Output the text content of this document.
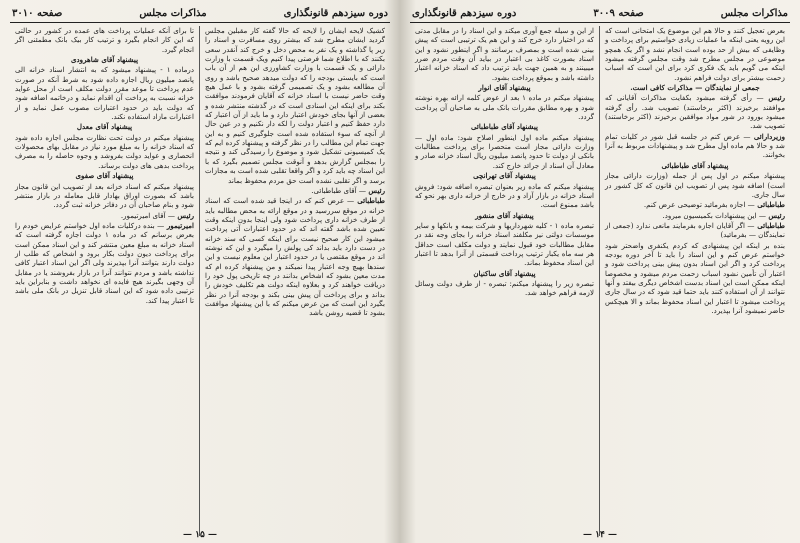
دوره سیزدهم قانونگذاری
مذاکرات مجلس
صفحه ۳۰۱۰

کشیک لایحه ایشان را لایحه که حالا گفته کار مقبلین مجلس گردید ایشان مطرح شد که بیشتر روی مسافرت و اسناد را زیر پا گذاشته و یک نفر به محض دخل و خرج کند آنقدر سعی بکنند که با اطلاع شما فرصتی پیدا کنیم ویک قسمت با وزارت دارائی و یک قسمت با وزارت کشاورزی این هم از آن باب است که بایستی بودجه را که دولت میدهد صحیح باشد و روی آن مطالعه بشود و یک تصمیمی گرفته بشود و با عمل هیچ وقت حاضر نیست با اسناد خزانه که آقایان فرمودند موافقت بکند برای اینکه این اسنادی است که در گذشته منتشر شده و بعضی از آنها بجای خودش اعتبار دارد و ما باید از آن اعتبار که دارد حفظ کنیم و اعتبار دولت را لکه دار نکنیم و در عین حال از آنچه که سوء استفاده شده است جلوگیری کنیم و به این جهت تمام این مطالب را در نظر گرفته و پیشنهاد کرده ایم که یک کمیسیونی تشکیل شود و موضوع را رسیدگی کند و نتیجه را بمجلس گزارش بدهد و آنوقت مجلس تصمیم بگیرد که با این اسناد چه باید کرد و اگر واقعا تقلبی شده است به مجازات برسد و اگر تقلبی نشده است حق مردم محفوظ بماند

رئیس — آقای طباطبائی.

طباطبائی — عرض کنم که در اینجا قید شده است که اسناد خزانه در موقع سررسید و در موقع ارائه به محض مطالبه باید از طرف خزانه داری پرداخت شود ولی اینجا بدون اینکه وقت تعیین شده باشد گفته اند که در حدود اعتبارات آتی پرداخت میشود این کار صحیح نیست برای اینکه کسی که سند خزانه در دست دارد باید بداند کی پولش را میگیرد و این که نوشته اند در موقع مقتضی یا در حدود اعتبار این معلوم نیست و این سندها بهیچ وجه اعتبار پیدا نمیکند و من پیشنهاد کرده ام که مدت معین بشود که اشخاص بدانند در چه تاریخی پول خود را دریافت خواهند کرد و بعلاوه اینکه دولت هم تکلیف خودش را بداند و برای پرداخت آن پیش بینی بکند و بودجه آنرا در نظر بگیرد این است که من عرض میکنم که با این پیشنهاد موافقت بشود تا قضیه روشن باشد

تا برای آنکه عملیات پرداخت های عمده در کشور در حالتی که این کار انجام بگیرد و ترتیب کار بیک بانک مطمئنی اگر انجام گیرد.

پیشنهاد آقای شاهرودی

درماده ۱ - پیشنهاد میشود که به انتشار اسناد خزانه الی پانصد میلیون ریال اجازه داده شود به شرط آنکه در صورت عدم پرداخت تا موعد مقرر دولت مکلف است از محل عواید خزانه نسبت به پرداخت آن اقدام نماید و درخاتمه اضافه شود که دولت باید در حدود اعتبارات مصوب عمل نماید و از اعتبارات مازاد استفاده نکند.

پیشنهاد آقای معدل

پیشنهاد میکنم در دولت تحت نظارت مجلس اجازه داده شود که اسناد خزانه را به مبلغ مورد نیاز در مقابل بهای محصولات انحصاری و عواید دولت بفروشد و وجوه حاصله را به مصرف پرداخت بدهی های دولت برساند.

پیشنهاد آقای صفوی

پیشنهاد میکنم که اسناد خزانه بعد از تصویب این قانون مجاز باشد که بصورت اوراق بهادار قابل معامله در بازار منتشر شود و بنام صاحبان آن در دفاتر خزانه ثبت گردد.

رئیس — آقای امیرتیمور.

امیرتیمور — بنده درکلیات ماده اول خواستم عرایض خودم را بعرض برسانم که در ماده ۱ دولت اجازه گرفته است که اسناد خزانه به مبلغ معین منتشر کند و این اسناد ممکن است برای پرداخت دیون دولت بکار برود و اشخاص که طلب از دولت دارند بتوانند آنرا بپذیرند ولی اگر این اسناد اعتبار کافی نداشته باشد و مردم نتوانند آنرا در بازار بفروشند یا در مقابل آن وجهی بگیرند هیچ فایده ای نخواهد داشت و بنابراین باید ترتیبی داده شود که این اسناد قابل تنزیل در بانک ملی باشد تا اعتبار پیدا کند.

— ۱۵ —
مذاکرات مجلس
صفحه ۳۰۰۹
دوره سیزدهم قانونگذاری

بعرض تعجیل کنند و حالا هم این موضوع یک امتحانی است که این رویه یعنی اینکه ما عملیات زیادی خواستیم برای پرداخت و وظایفی که بیش از حد بوده است انجام نشد و اگر یک همچو موضوعی در مجلس مطرح شد وقت مجلس گرفته میشود اینکه می گویم باید یک فکری کرد برای این است که اسباب زحمت بیشتر برای دولت فراهم نشود.

جمعی از نمایندگان — مذاکرات کافی است.

رئیس — رأی گرفته میشود بکفایت مذاکرات آقایانی که موافقند برخیزند (اکثر برخاستند) تصویب شد. رأی گرفته میشود بورود در شور مواد موافقین برخیزند (اکثر برخاستند) تصویب شد.

وزیردارائی — عرض کنم در جلسه قبل شور در کلیات تمام شد و حالا هم ماده اول مطرح شد و پیشنهادات مربوط به آنرا بخوانند.

پیشنهاد آقای طباطبائی

پیشنهاد میکنم در اول پس از جمله (وزارت دارائی مجاز است) اضافه شود پس از تصویب این قانون که کل کشور در سال جاری.

طباطبائی — اجازه بفرمائید توضیحی عرض کنم.

رئیس — این پیشنهادات بکمیسیون میرود.

طباطبائی — اگر آقایان اجازه بفرمایند مانعی ندارد (جمعی از نمایندگان — بفرمائید)

بنده بر اینکه این پیشنهادی که کردم یکنفری واضحتر شود خواستم عرض کنم و این اسناد را باید تا آخر دوره بودجه پرداخت کرد و اگر این اسناد بدون پیش بینی پرداخت شود و اعتبار آن تأمین نشود اسباب زحمت مردم میشود و مخصوصا اینکه ممکن است این اسناد بدست اشخاص دیگری بیفتد و آنها نتوانند از آن استفاده کنند باید حتما قید شود که در سال جاری پرداخت میشود تا اعتبار این اسناد محفوظ بماند و الا هیچکس حاضر نمیشود آنرا بپذیرد.

از این و سیله جمع آوری میکند و این اسناد را در مقابل مدتی که در اختیار دارد خرج کند و این هم یک ترتیبی است که پیش بینی شده است و بمصرف برسانند و اگر اینطور نشود و این اسناد بصورت کاغذ بی اعتبار در بیاید آن وقت مردم ضرر میبینند و به همین جهت باید ترتیب داد که اسناد خزانه اعتبار داشته باشد و بموقع پرداخت بشود.

پیشنهاد آقای انوار

پیشنهاد میکنم در ماده ۱ بعد از عوض کلمه ارائه بهره نوشته شود و بهره مطابق مقررات بانک ملی به صاحبان آن پرداخت گردد.

پیشنهاد آقای طباطبائی

پیشنهاد میکنم ماده اول اینطور اصلاح شود: ماده اول — وزارت دارائی مجاز است منحصرا برای پرداخت مطالبات بانکی از دولت تا حدود پانصد میلیون ریال اسناد خزانه صادر و معادل آن اسناد از جرائد خارج کند.

پیشنهاد آقای تهرانچی

پیشنهاد میکنم که ماده زیر بعنوان تبصره اضافه شود: فروش اسناد خزانه در بازار آزاد و در خارج از خزانه داری بهر نحو که باشد ممنوع است.

پیشنهاد آقای منشور

تبصره ماده ۱ - کلیه شهرداریها و شرکت بیمه و بانکها و سایر موسسات دولتی نیز مکلفند اسناد خزانه را بجای وجه نقد در مقابل مطالبات خود قبول نمایند و دولت مکلف است حداقل هر سه ماه یکبار ترتیب پرداخت قسمتی از آنرا بدهد تا اعتبار این اسناد محفوظ بماند.

پیشنهاد آقای ساکنیان

تبصره زیر را پیشنهاد میکنم: تبصره - از طرف دولت وسائل لازمه فراهم خواهد شد.

— ۱۴ —
